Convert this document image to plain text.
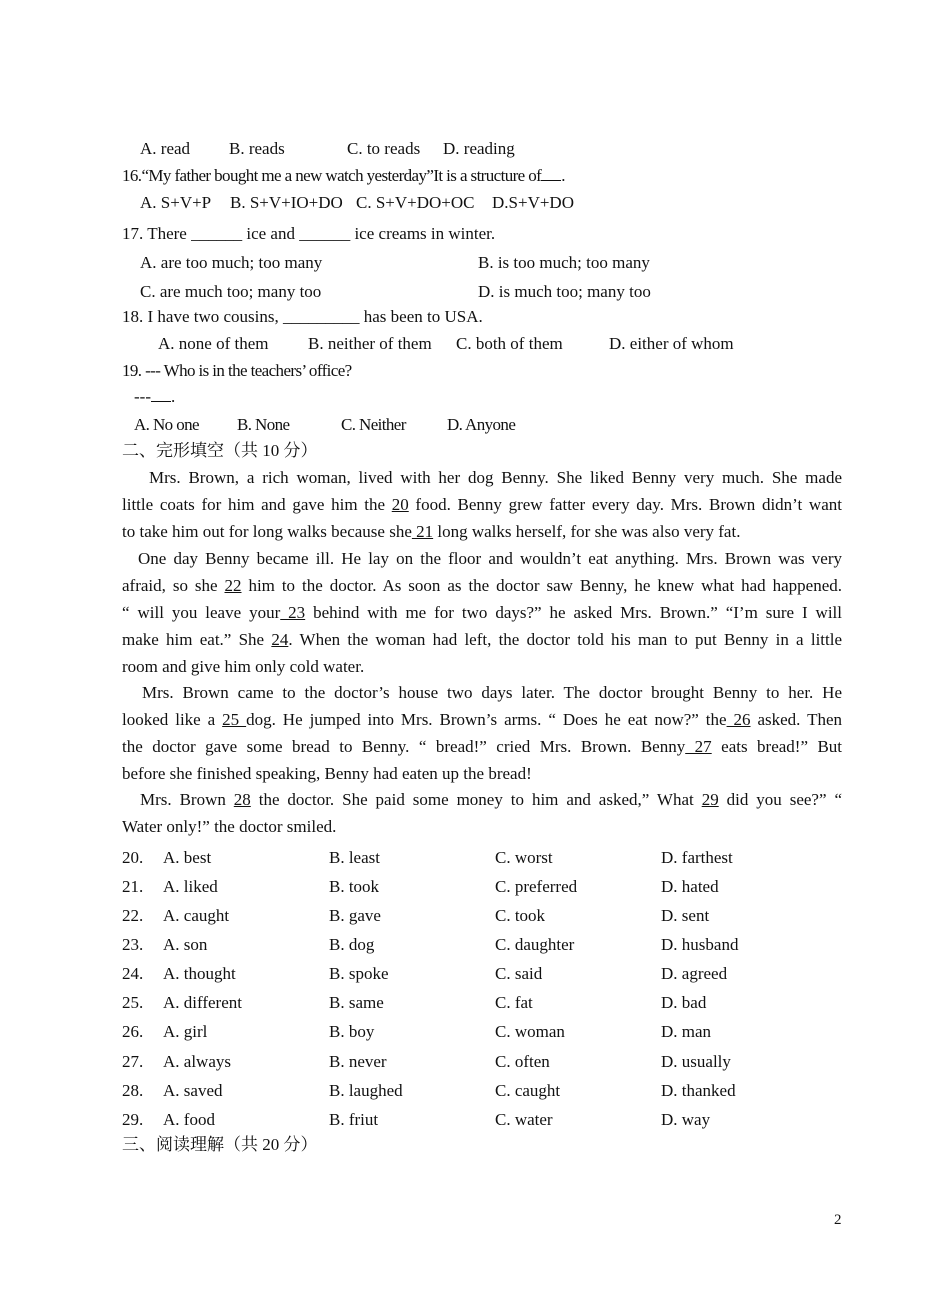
A. read B. reads	C. to reads D. reading
16.“My father bought me a new watch yesterday”It is a structure of .
A. S+V+P B. S+V+IO+DO C. S+V+DO+OC D.S+V+DO
17. There ______ ice and ______ ice creams in winter.
A. are too much; too many	B. is too much; too many
C. are much too; many too	D. is much too; many too
18. I have two cousins, _________ has been to USA.
A. none of them B. neither of them C. both of them	D. either of whom
19. --- Who is in the teachers’ office?
--- .
A. No one B. None	C. Neither D. Anyone
二、完形填空（共 10 分）
Mrs. Brown, a rich woman, lived with her dog Benny. She liked Benny very much. She made
little coats for him and gave him the 20 food. Benny grew fatter every day. Mrs. Brown didn’t want
to take him out for long walks because she 21 long walks herself, for she was also very fat.
One day Benny became ill. He lay on the floor and wouldn’t eat anything. Mrs. Brown was very
afraid, so she 22 him to the doctor. As soon as the doctor saw Benny, he knew what had happened.
“ will you leave your 23 behind with me for two days?” he asked Mrs. Brown.” “I’m sure I will
make him eat.” She 24. When the woman had left, the doctor told his man to put Benny in a little
room and give him only cold water.
Mrs. Brown came to the doctor’s house two days later. The doctor brought Benny to her. He
looked like a 25 dog. He jumped into Mrs. Brown’s arms. “ Does he eat now?” the 26 asked. Then
the doctor gave some bread to Benny. “ bread!” cried Mrs. Brown. Benny 27 eats bread!” But
before she finished speaking, Benny had eaten up the bread!
Mrs. Brown 28 the doctor. She paid some money to him and asked,” What 29 did you see?” “
Water only!” the doctor smiled.
20. A. best	B. least	C. worst	D. farthest
21. A. liked	B. took	C. preferred	D. hated
22. A. caught	B. gave	C. took	D. sent
23. A. son	B. dog	C. daughter	D. husband
24. A. thought	B. spoke	C. said	D. agreed
25. A. different	B. same	C. fat	D. bad
26. A. girl	B. boy	C. woman	D. man
27. A. always	B. never	C. often	D. usually
28. A. saved	B. laughed	C. caught	D. thanked
29. A. food	B. friut	C. water	D. way
三、阅读理解（共 20 分）
2
